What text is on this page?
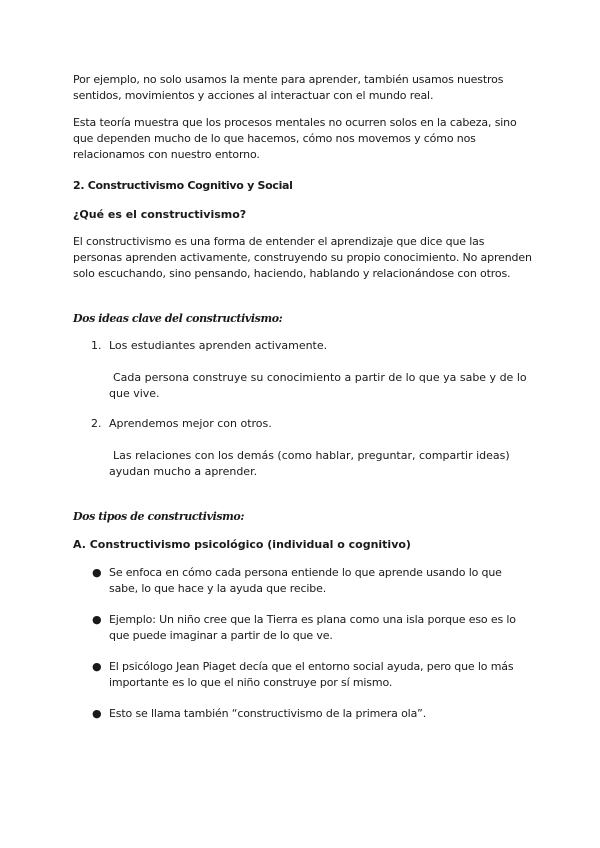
Por ejemplo, no solo usamos la mente para aprender, también usamos nuestros sentidos, movimientos y acciones al interactuar con el mundo real.

Esta teoría muestra que los procesos mentales no ocurren solos en la cabeza, sino que dependen mucho de lo que hacemos, cómo nos movemos y cómo nos relacionamos con nuestro entorno.

2. Constructivismo Cognitivo y Social
¿Qué es el constructivismo?

El constructivismo es una forma de entender el aprendizaje que dice que las personas aprenden activamente, construyendo su propio conocimiento. No aprenden solo escuchando, sino pensando, haciendo, hablando y relacionándose con otros.

Dos ideas clave del constructivismo:
1. Los estudiantes aprenden activamente.

Cada persona construye su conocimiento a partir de lo que ya sabe y de lo que vive.

2. Aprendemos mejor con otros.

Las relaciones con los demás (como hablar, preguntar, compartir ideas) ayudan mucho a aprender.

Dos tipos de constructivismo:
A. Constructivismo psicológico (individual o cognitivo)
● Se enfoca en cómo cada persona entiende lo que aprende usando lo que sabe, lo que hace y la ayuda que recibe.

● Ejemplo: Un niño cree que la Tierra es plana como una isla porque eso es lo que puede imaginar a partir de lo que ve.

● El psicólogo Jean Piaget decía que el entorno social ayuda, pero que lo más importante es lo que el niño construye por sí mismo.

● Esto se llama también “constructivismo de la primera ola”.
